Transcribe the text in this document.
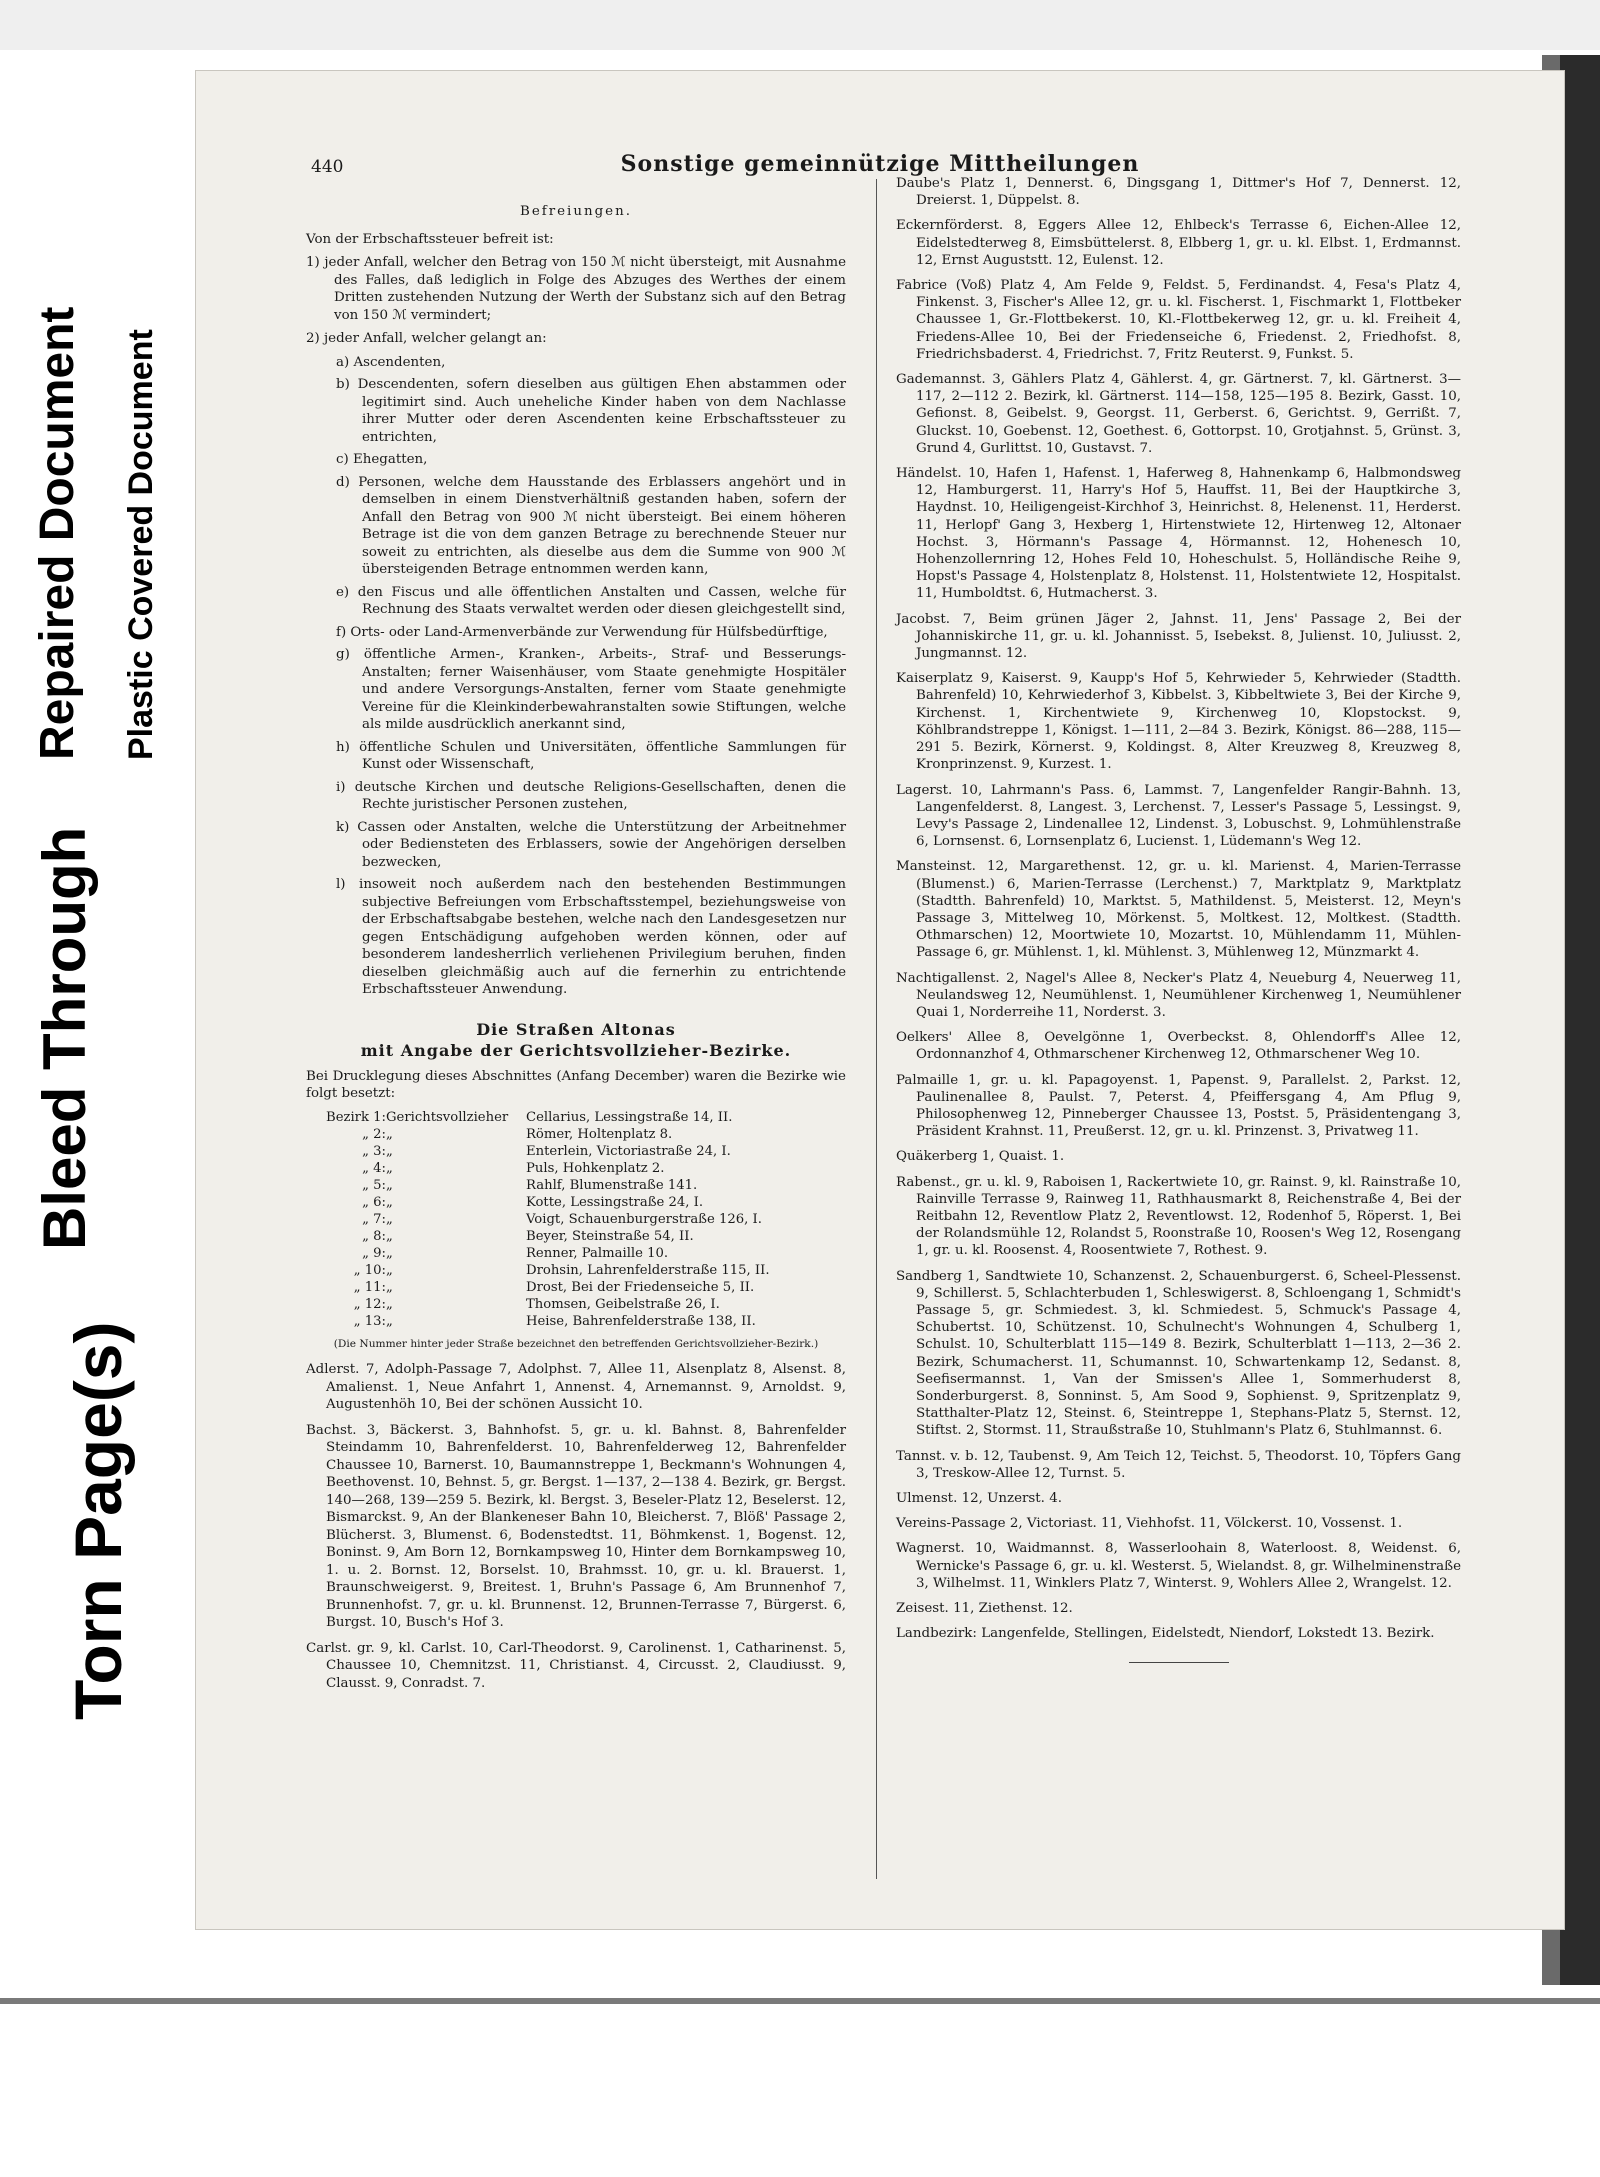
Bleed Through
Repaired Document Plastic Covered Document
Torn Page(s)
440	Sonstige gemeinnützige Mittheilungen
Befreiungen.

Von der Erbschaftssteuer befreit ist:

1) jeder Anfall, welcher den Betrag von 150 ℳ nicht übersteigt, mit Ausnahme des Falles, daß lediglich in Folge des Abzuges des Werthes der einem Dritten zustehenden Nutzung der Werth der Substanz sich auf den Betrag von 150 ℳ vermindert;
2) jeder Anfall, welcher gelangt an:
a) Ascendenten,
b) Descendenten, sofern dieselben aus gültigen Ehen abstammen oder legitimirt sind. Auch uneheliche Kinder haben von dem Nachlasse ihrer Mutter oder deren Ascendenten keine Erbschaftssteuer zu entrichten,
c) Ehegatten,
d) Personen, welche dem Hausstande des Erblassers angehört und in demselben in einem Dienstverhältniß gestanden haben, sofern der Anfall den Betrag von 900 ℳ nicht übersteigt. Bei einem höheren Betrage ist die von dem ganzen Betrage zu berechnende Steuer nur soweit zu entrichten, als dieselbe aus dem die Summe von 900 ℳ übersteigenden Betrage entnommen werden kann,
e) den Fiscus und alle öffentlichen Anstalten und Cassen, welche für Rechnung des Staats verwaltet werden oder diesen gleichgestellt sind,
f) Orts- oder Land-Armenverbände zur Verwendung für Hülfsbedürftige,
g) öffentliche Armen-, Kranken-, Arbeits-, Straf- und Besserungs-Anstalten; ferner Waisenhäuser, vom Staate genehmigte Hospitäler und andere Versorgungs-Anstalten, ferner vom Staate genehmigte Vereine für die Kleinkinderbewahranstalten sowie Stiftungen, welche als milde ausdrücklich anerkannt sind,
h) öffentliche Schulen und Universitäten, öffentliche Sammlungen für Kunst oder Wissenschaft,
i) deutsche Kirchen und deutsche Religions-Gesellschaften, denen die Rechte juristischer Personen zustehen,
k) Cassen oder Anstalten, welche die Unterstützung der Arbeitnehmer oder Bediensteten des Erblassers, sowie der Angehörigen derselben bezwecken,
l) insoweit noch außerdem nach den bestehenden Bestimmungen subjective Befreiungen vom Erbschaftsstempel, beziehungsweise von der Erbschaftsabgabe bestehen, welche nach den Landesgesetzen nur gegen Entschädigung aufgehoben werden können, oder auf besonderem landesherrlich verliehenen Privilegium beruhen, finden dieselben gleichmäßig auch auf die fernerhin zu entrichtende Erbschaftssteuer Anwendung.
Die Straßen Altonas
mit Angabe der Gerichtsvollzieher-Bezirke.

Bei Drucklegung dieses Abschnittes (Anfang December) waren die Bezirke wie folgt besetzt:

Bezirk 1:	Gerichtsvollzieher	Cellarius, Lessingstraße 14, II.
„ 2:	„	Römer, Holtenplatz 8.
„ 3:	„	Enterlein, Victoriastraße 24, I.
„ 4:	„	Puls, Hohkenplatz 2.
„ 5:	„	Rahlf, Blumenstraße 141.
„ 6:	„	Kotte, Lessingstraße 24, I.
„ 7:	„	Voigt, Schauenburgerstraße 126, I.
„ 8:	„	Beyer, Steinstraße 54, II.
„ 9:	„	Renner, Palmaille 10.
„ 10:	„	Drohsin, Lahrenfelderstraße 115, II.
„ 11:	„	Drost, Bei der Friedenseiche 5, II.
„ 12:	„	Thomsen, Geibelstraße 26, I.
„ 13:	„	Heise, Bahrenfelderstraße 138, II.
(Die Nummer hinter jeder Straße bezeichnet den betreffenden Gerichtsvollzieher-Bezirk.)

Adlerst. 7, Adolph-Passage 7, Adolphst. 7, Allee 11, Alsenplatz 8, Alsenst. 8, Amalienst. 1, Neue Anfahrt 1, Annenst. 4, Arnemannst. 9, Arnoldst. 9, Augustenhöh 10, Bei der schönen Aussicht 10.

Bachst. 3, Bäckerst. 3, Bahnhofst. 5, gr. u. kl. Bahnst. 8, Bahrenfelder Steindamm 10, Bahrenfelderst. 10, Bahrenfelderweg 12, Bahrenfelder Chaussee 10, Barnerst. 10, Baumannstreppe 1, Beckmann's Wohnungen 4, Beethovenst. 10, Behnst. 5, gr. Bergst. 1—137, 2—138 4. Bezirk, gr. Bergst. 140—268, 139—259 5. Bezirk, kl. Bergst. 3, Beseler-Platz 12, Beselerst. 12, Bismarckst. 9, An der Blankeneser Bahn 10, Bleicherst. 7, Blöß' Passage 2, Blücherst. 3, Blumenst. 6, Bodenstedtst. 11, Böhmkenst. 1, Bogenst. 12, Boninst. 9, Am Born 12, Bornkampsweg 10, Hinter dem Bornkampsweg 10, 1. u. 2. Bornst. 12, Borselst. 10, Brahmsst. 10, gr. u. kl. Brauerst. 1, Braunschweigerst. 9, Breitest. 1, Bruhn's Passage 6, Am Brunnenhof 7, Brunnenhofst. 7, gr. u. kl. Brunnenst. 12, Brunnen-Terrasse 7, Bürgerst. 6, Burgst. 10, Busch's Hof 3.

Carlst. gr. 9, kl. Carlst. 10, Carl-Theodorst. 9, Carolinenst. 1, Catharinenst. 5, Chaussee 10, Chemnitzst. 11, Christianst. 4, Circusst. 2, Claudiusst. 9, Clausst. 9, Conradst. 7.

Daube's Platz 1, Dennerst. 6, Dingsgang 1, Dittmer's Hof 7, Dennerst. 12, Dreierst. 1, Düppelst. 8.

Eckernförderst. 8, Eggers Allee 12, Ehlbeck's Terrasse 6, Eichen-Allee 12, Eidelstedterweg 8, Eimsbüttelerst. 8, Elbberg 1, gr. u. kl. Elbst. 1, Erdmannst. 12, Ernst Auguststt. 12, Eulenst. 12.

Fabrice (Voß) Platz 4, Am Felde 9, Feldst. 5, Ferdinandst. 4, Fesa's Platz 4, Finkenst. 3, Fischer's Allee 12, gr. u. kl. Fischerst. 1, Fischmarkt 1, Flottbeker Chaussee 1, Gr.-Flottbekerst. 10, Kl.-Flottbekerweg 12, gr. u. kl. Freiheit 4, Friedens-Allee 10, Bei der Friedenseiche 6, Friedenst. 2, Friedhofst. 8, Friedrichsbaderst. 4, Friedrichst. 7, Fritz Reuterst. 9, Funkst. 5.

Gademannst. 3, Gählers Platz 4, Gählerst. 4, gr. Gärtnerst. 7, kl. Gärtnerst. 3—117, 2—112 2. Bezirk, kl. Gärtnerst. 114—158, 125—195 8. Bezirk, Gasst. 10, Gefionst. 8, Geibelst. 9, Georgst. 11, Gerberst. 6, Gerichtst. 9, Gerrißt. 7, Gluckst. 10, Goebenst. 12, Goethest. 6, Gottorpst. 10, Grotjahnst. 5, Grünst. 3, Grund 4, Gurlittst. 10, Gustavst. 7.

Händelst. 10, Hafen 1, Hafenst. 1, Haferweg 8, Hahnenkamp 6, Halbmondsweg 12, Hamburgerst. 11, Harry's Hof 5, Hauffst. 11, Bei der Hauptkirche 3, Haydnst. 10, Heiligengeist-Kirchhof 3, Heinrichst. 8, Helenenst. 11, Herderst. 11, Herlopf' Gang 3, Hexberg 1, Hirtenstwiete 12, Hirtenweg 12, Altonaer Hochst. 3, Hörmann's Passage 4, Hörmannst. 12, Hohenesch 10, Hohenzollernring 12, Hohes Feld 10, Hoheschulst. 5, Holländische Reihe 9, Hopst's Passage 4, Holstenplatz 8, Holstenst. 11, Holstentwiete 12, Hospitalst. 11, Humboldtst. 6, Hutmacherst. 3.

Jacobst. 7, Beim grünen Jäger 2, Jahnst. 11, Jens' Passage 2, Bei der Johanniskirche 11, gr. u. kl. Johannisst. 5, Isebekst. 8, Julienst. 10, Juliusst. 2, Jungmannst. 12.

Kaiserplatz 9, Kaiserst. 9, Kaupp's Hof 5, Kehrwieder 5, Kehrwieder (Stadtth. Bahrenfeld) 10, Kehrwiederhof 3, Kibbelst. 3, Kibbeltwiete 3, Bei der Kirche 9, Kirchenst. 1, Kirchentwiete 9, Kirchenweg 10, Klopstockst. 9, Köhlbrandstreppe 1, Königst. 1—111, 2—84 3. Bezirk, Königst. 86—288, 115—291 5. Bezirk, Körnerst. 9, Koldingst. 8, Alter Kreuzweg 8, Kreuzweg 8, Kronprinzenst. 9, Kurzest. 1.

Lagerst. 10, Lahrmann's Pass. 6, Lammst. 7, Langenfelder Rangir-Bahnh. 13, Langenfelderst. 8, Langest. 3, Lerchenst. 7, Lesser's Passage 5, Lessingst. 9, Levy's Passage 2, Lindenallee 12, Lindenst. 3, Lobuschst. 9, Lohmühlenstraße 6, Lornsenst. 6, Lornsenplatz 6, Lucienst. 1, Lüdemann's Weg 12.

Mansteinst. 12, Margarethenst. 12, gr. u. kl. Marienst. 4, Marien-Terrasse (Blumenst.) 6, Marien-Terrasse (Lerchenst.) 7, Marktplatz 9, Marktplatz (Stadtth. Bahrenfeld) 10, Marktst. 5, Mathildenst. 5, Meisterst. 12, Meyn's Passage 3, Mittelweg 10, Mörkenst. 5, Moltkest. 12, Moltkest. (Stadtth. Othmarschen) 12, Moortwiete 10, Mozartst. 10, Mühlendamm 11, Mühlen-Passage 6, gr. Mühlenst. 1, kl. Mühlenst. 3, Mühlenweg 12, Münzmarkt 4.

Nachtigallenst. 2, Nagel's Allee 8, Necker's Platz 4, Neueburg 4, Neuerweg 11, Neulandsweg 12, Neumühlenst. 1, Neumühlener Kirchenweg 1, Neumühlener Quai 1, Norderreihe 11, Norderst. 3.

Oelkers' Allee 8, Oevelgönne 1, Overbeckst. 8, Ohlendorff's Allee 12, Ordonnanzhof 4, Othmarschener Kirchenweg 12, Othmarschener Weg 10.

Palmaille 1, gr. u. kl. Papagoyenst. 1, Papenst. 9, Parallelst. 2, Parkst. 12, Paulinenallee 8, Paulst. 7, Peterst. 4, Pfeiffersgang 4, Am Pflug 9, Philosophenweg 12, Pinneberger Chaussee 13, Postst. 5, Präsidentengang 3, Präsident Krahnst. 11, Preußerst. 12, gr. u. kl. Prinzenst. 3, Privatweg 11.

Quäkerberg 1, Quaist. 1.

Rabenst., gr. u. kl. 9, Raboisen 1, Rackertwiete 10, gr. Rainst. 9, kl. Rainstraße 10, Rainville Terrasse 9, Rainweg 11, Rathhausmarkt 8, Reichenstraße 4, Bei der Reitbahn 12, Reventlow Platz 2, Reventlowst. 12, Rodenhof 5, Röperst. 1, Bei der Rolandsmühle 12, Rolandst 5, Roonstraße 10, Roosen's Weg 12, Rosengang 1, gr. u. kl. Roosenst. 4, Roosentwiete 7, Rothest. 9.

Sandberg 1, Sandtwiete 10, Schanzenst. 2, Schauenburgerst. 6, Scheel-Plessenst. 9, Schillerst. 5, Schlachterbuden 1, Schleswigerst. 8, Schloengang 1, Schmidt's Passage 5, gr. Schmiedest. 3, kl. Schmiedest. 5, Schmuck's Passage 4, Schubertst. 10, Schützenst. 10, Schulnecht's Wohnungen 4, Schulberg 1, Schulst. 10, Schulterblatt 115—149 8. Bezirk, Schulterblatt 1—113, 2—36 2. Bezirk, Schumacherst. 11, Schumannst. 10, Schwartenkamp 12, Sedanst. 8, Seefisermannst. 1, Van der Smissen's Allee 1, Sommerhuderst 8, Sonderburgerst. 8, Sonninst. 5, Am Sood 9, Sophienst. 9, Spritzenplatz 9, Statthalter-Platz 12, Steinst. 6, Steintreppe 1, Stephans-Platz 5, Sternst. 12, Stiftst. 2, Stormst. 11, Straußstraße 10, Stuhlmann's Platz 6, Stuhlmannst. 6.

Tannst. v. b. 12, Taubenst. 9, Am Teich 12, Teichst. 5, Theodorst. 10, Töpfers Gang 3, Treskow-Allee 12, Turnst. 5.

Ulmenst. 12, Unzerst. 4.

Vereins-Passage 2, Victoriast. 11, Viehhofst. 11, Völckerst. 10, Vossenst. 1.

Wagnerst. 10, Waidmannst. 8, Wasserloohain 8, Waterloost. 8, Weidenst. 6, Wernicke's Passage 6, gr. u. kl. Westerst. 5, Wielandst. 8, gr. Wilhelminenstraße 3, Wilhelmst. 11, Winklers Platz 7, Winterst. 9, Wohlers Allee 2, Wrangelst. 12.

Zeisest. 11, Ziethenst. 12.

Landbezirk: Langenfelde, Stellingen, Eidelstedt, Niendorf, Lokstedt 13. Bezirk.
